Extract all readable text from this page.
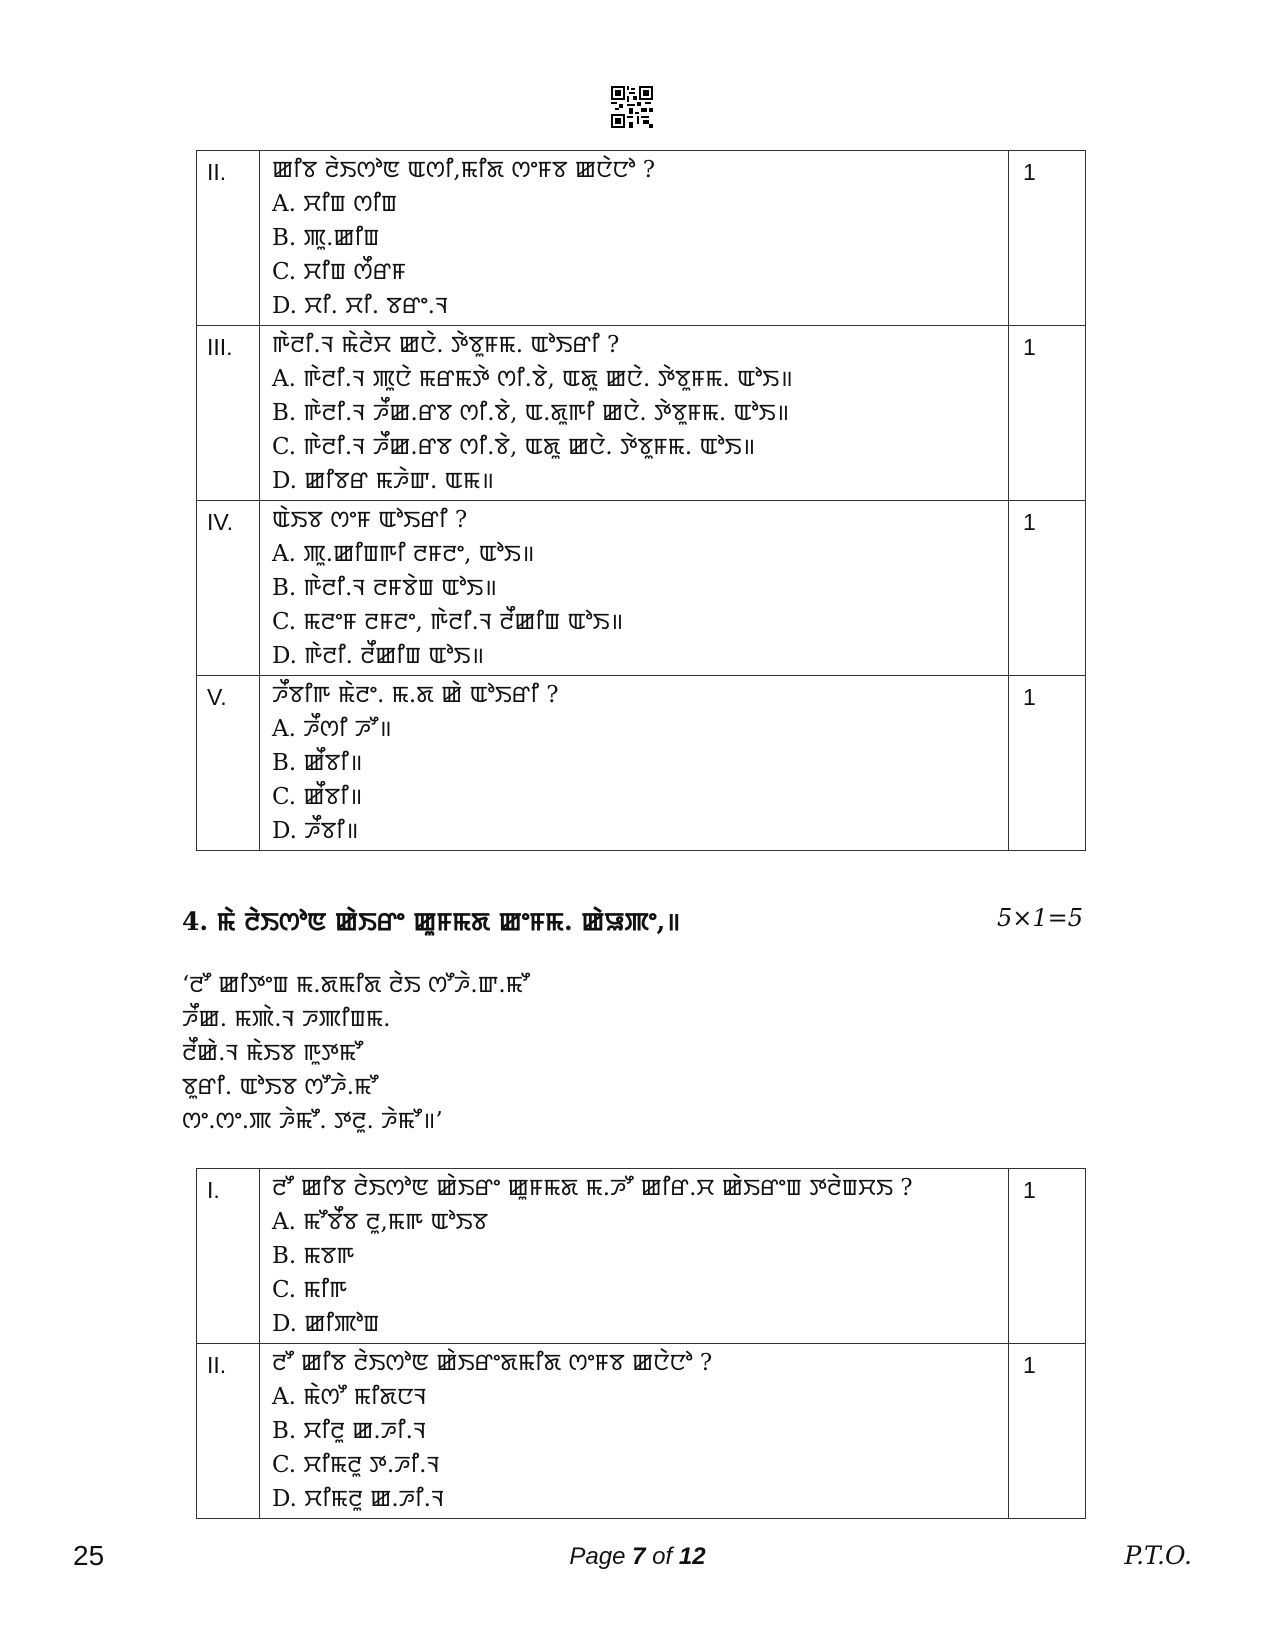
II.	ꯀꯤꯕ ꯂꯥꯏꯁꯣꯟ ꯑꯁꯤ,ꯃꯤꯗ ꯁꯦꯝꯕ ꯀꯅꯥꯅꯣ ?
A. ꯆꯤꯡ ꯁꯤꯡ
B. ꯄꯨ.ꯀꯤꯡ
C. ꯆꯤꯡ ꯁꯩꯔꯝ
D. ꯆꯤ. ꯆꯤ. ꯕꯔꯦ.ꯜ	1
III.	ꯒꯥꯂꯤ.ꯜ ꯃꯥꯂꯥꯆ ꯀꯅꯥ. ꯇꯥꯕꯨꯝꯃ. ꯑꯣꯏꯔꯤ ?
A. ꯒꯥꯂꯤ.ꯜ ꯄꯨꯅꯥ ꯃꯔꯃꯇꯥ ꯁꯤ.ꯕꯥ, ꯑꯗꯨ ꯀꯅꯥ. ꯇꯥꯕꯨꯝꯃ. ꯑꯣꯏ॥
B. ꯒꯥꯂꯤ.ꯜ ꯍꯩꯀ.ꯔꯕ ꯁꯤ.ꯕꯥ, ꯑ.ꯗꯨꯒꯤ ꯀꯅꯥ. ꯇꯥꯕꯨꯝꯃ. ꯑꯣꯏ॥
C. ꯒꯥꯂꯤ.ꯜ ꯍꯩꯀ.ꯔꯕ ꯁꯤ.ꯕꯥ, ꯑꯗꯨ ꯀꯅꯥ. ꯇꯥꯕꯨꯝꯃ. ꯑꯣꯏ॥
D. ꯀꯤꯕꯔ ꯃꯍꯥꯛ. ꯑꯃ॥	1
IV.	ꯑꯥꯏꯕ ꯁꯦꯝ ꯑꯣꯏꯔꯤ ?
A. ꯄꯨ.ꯀꯤꯡꯒꯤ ꯂꯝꯂꯦ, ꯑꯣꯏ॥
B. ꯒꯥꯂꯤ.ꯜ ꯂꯝꯕꯥꯡ ꯑꯣꯏ॥
C. ꯃꯂꯦꯝ ꯂꯝꯂꯦ, ꯒꯥꯂꯤ.ꯜ ꯂꯩꯀꯤꯡ ꯑꯣꯏ॥
D. ꯒꯥꯂꯤ. ꯂꯩꯀꯤꯡ ꯑꯣꯏ॥	1
V.	ꯍꯩꯕꯤꯒ ꯃꯥꯂꯦ. ꯃ.ꯗ ꯀꯥ ꯑꯣꯏꯔꯤ ?
A. ꯍꯩꯁꯤ ꯍꯧ॥
B. ꯀꯩꯕꯤ॥
C. ꯀꯩꯕꯤ॥
D. ꯍꯩꯕꯤ॥	1
4. ꯃꯥ ꯂꯥꯏꯁꯣꯟ ꯀꯥꯏꯔꯦ ꯀꯨꯝꯃꯗ ꯀꯦꯝꯃ. ꯀꯥꯎꯄꯦ,॥	5×1=5
‘ꯂꯧ ꯀꯤꯇꯦꯡ ꯃ.ꯗꯃꯤꯗ ꯂꯥꯏ ꯁꯧꯍꯥ.ꯛ.ꯃꯧ
ꯍꯩꯀ. ꯃꯄꯥ.ꯜ ꯍꯄꯤꯡꯃ.
ꯂꯩꯀꯥ.ꯜ ꯃꯥꯏꯕ ꯒꯨꯇꯃꯧ
ꯕꯨꯔꯤ. ꯑꯣꯏꯕ ꯁꯧꯍꯥ.ꯃꯧ
ꯁꯦ.ꯁꯦ.ꯄ ꯍꯥꯃꯧ. ꯇꯂꯨ. ꯍꯥꯃꯧ॥’
I.	ꯂꯧ ꯀꯤꯕ ꯂꯥꯏꯁꯣꯟ ꯀꯥꯏꯔꯦ ꯀꯨꯝꯃꯗ ꯃ.ꯍꯧ ꯀꯤꯔ.ꯆ ꯀꯥꯏꯔꯦꯡ ꯇꯂꯥꯡꯆꯏ ?
A. ꯃꯧꯕꯩꯕ ꯂꯨ,ꯃꯒ ꯑꯣꯏꯕ
B. ꯃꯕꯒ
C. ꯃꯤꯒ
D. ꯀꯤꯄꯣꯡ	1
II.	ꯂꯧ ꯀꯤꯕ ꯂꯥꯏꯁꯣꯟ ꯀꯥꯏꯔꯦꯗꯃꯤꯗ ꯁꯦꯝꯕ ꯀꯅꯥꯅꯣ ?
A. ꯃꯥꯁꯧ ꯃꯤꯗꯅꯜ
B. ꯆꯤꯂꯨ ꯀ.ꯍꯤ.ꯜ
C. ꯆꯤꯃꯂꯨ ꯇ.ꯍꯤ.ꯜ
D. ꯆꯤꯃꯂꯨ ꯀ.ꯍꯤ.ꯜ	1
25	Page 7 of 12	P.T.O.
